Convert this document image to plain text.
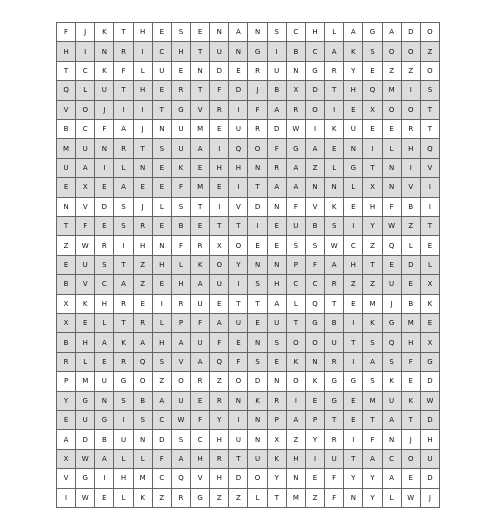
F	J	K	T	H	E	S	E	N	A	N	S	C	H	L	A	G	A	D	O
H	I	N	R	I	C	H	T	U	N	G	I	B	C	A	K	S	O	O	Z
T	C	K	F	L	U	E	N	D	E	R	U	N	G	R	Y	E	Z	Z	O
Q	L	U	T	H	E	R	T	F	D	J	B	X	D	T	H	Q	M	I	S
V	O	J	I	I	T	G	V	R	I	F	A	R	O	I	E	X	O	O	T
B	C	F	A	J	N	U	M	E	U	R	D	W	I	K	U	E	E	R	T
M	U	N	R	T	S	U	A	I	Q	O	F	G	A	E	N	I	L	H	Q
U	A	I	L	N	E	K	E	H	H	N	R	A	Z	L	G	T	N	I	V
E	X	E	A	E	E	F	M	E	I	T	A	A	N	N	L	X	N	V	I
N	V	D	S	J	L	S	T	I	V	D	N	F	V	K	E	H	F	B	I
T	F	E	S	R	E	B	E	T	T	I	E	U	B	S	I	Y	W	Z	T
Z	W	R	I	H	N	F	R	X	O	E	E	S	S	W	C	Z	Q	L	E
E	U	S	T	Z	H	L	K	O	Y	N	N	P	F	A	H	T	E	D	L
B	V	C	A	Z	E	H	A	U	I	S	H	C	C	R	Z	Z	U	E	X
X	K	H	R	E	I	R	U	E	T	T	A	L	Q	T	E	M	J	B	K
X	E	L	T	R	L	P	F	A	U	E	U	T	G	B	I	K	G	M	E
B	H	A	K	A	H	A	U	F	E	N	S	O	O	U	T	S	Q	H	X
R	L	E	R	Q	S	V	A	Q	F	S	E	K	N	R	I	A	S	F	G
P	M	U	G	O	Z	O	R	Z	O	D	N	O	K	G	G	S	K	E	D
Y	G	N	S	B	A	U	E	R	N	K	R	I	E	G	E	M	U	K	W
E	U	G	I	S	C	W	F	Y	I	N	P	A	P	T	E	T	A	T	D
A	D	B	U	N	D	S	C	H	U	N	X	Z	Y	R	I	F	N	J	H
X	W	A	L	L	F	A	H	R	T	U	K	H	I	U	T	A	C	O	U
V	G	I	H	M	C	Q	V	H	D	O	Y	N	E	F	Y	Y	A	E	D
I	W	E	L	K	Z	R	G	Z	Z	L	T	M	Z	F	N	Y	L	W	J
